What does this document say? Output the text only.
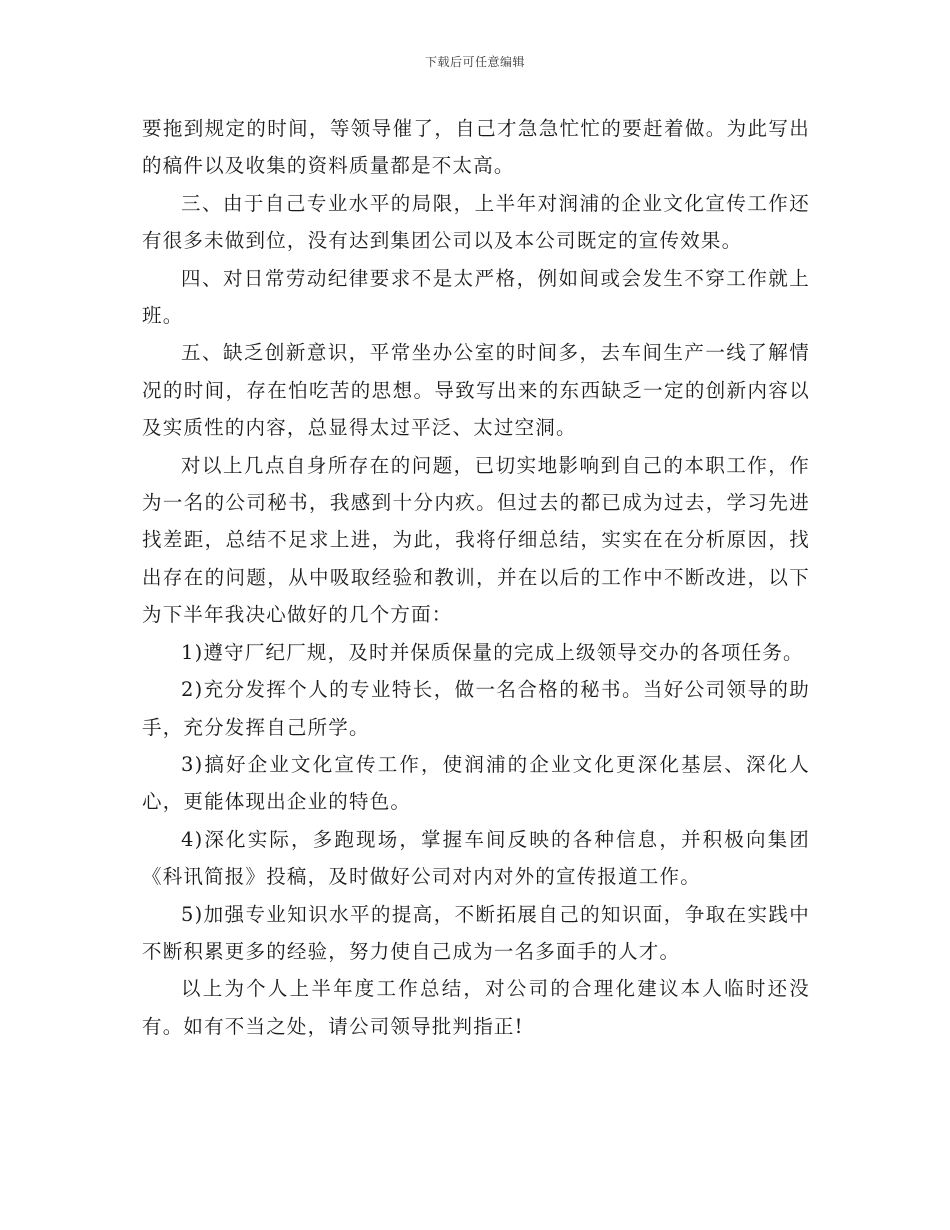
下载后可任意编辑

要拖到规定的时间，等领导催了，自己才急急忙忙的要赶着做。为此写出的稿件以及收集的资料质量都是不太高。

三、由于自己专业水平的局限，上半年对润浦的企业文化宣传工作还有很多未做到位，没有达到集团公司以及本公司既定的宣传效果。

四、对日常劳动纪律要求不是太严格，例如间或会发生不穿工作就上班。

五、缺乏创新意识，平常坐办公室的时间多，去车间生产一线了解情况的时间，存在怕吃苦的思想。导致写出来的东西缺乏一定的创新内容以及实质性的内容，总显得太过平泛、太过空洞。

对以上几点自身所存在的问题，已切实地影响到自己的本职工作，作为一名的公司秘书，我感到十分内疚。但过去的都已成为过去，学习先进找差距，总结不足求上进，为此，我将仔细总结，实实在在分析原因，找出存在的问题，从中吸取经验和教训，并在以后的工作中不断改进，以下为下半年我决心做好的几个方面：

1)遵守厂纪厂规，及时并保质保量的完成上级领导交办的各项任务。

2)充分发挥个人的专业特长，做一名合格的秘书。当好公司领导的助手，充分发挥自己所学。

3)搞好企业文化宣传工作，使润浦的企业文化更深化基层、深化人心，更能体现出企业的特色。

4)深化实际，多跑现场，掌握车间反映的各种信息，并积极向集团《科讯简报》投稿，及时做好公司对内对外的宣传报道工作。

5)加强专业知识水平的提高，不断拓展自己的知识面，争取在实践中不断积累更多的经验，努力使自己成为一名多面手的人才。

以上为个人上半年度工作总结，对公司的合理化建议本人临时还没有。如有不当之处，请公司领导批判指正!
